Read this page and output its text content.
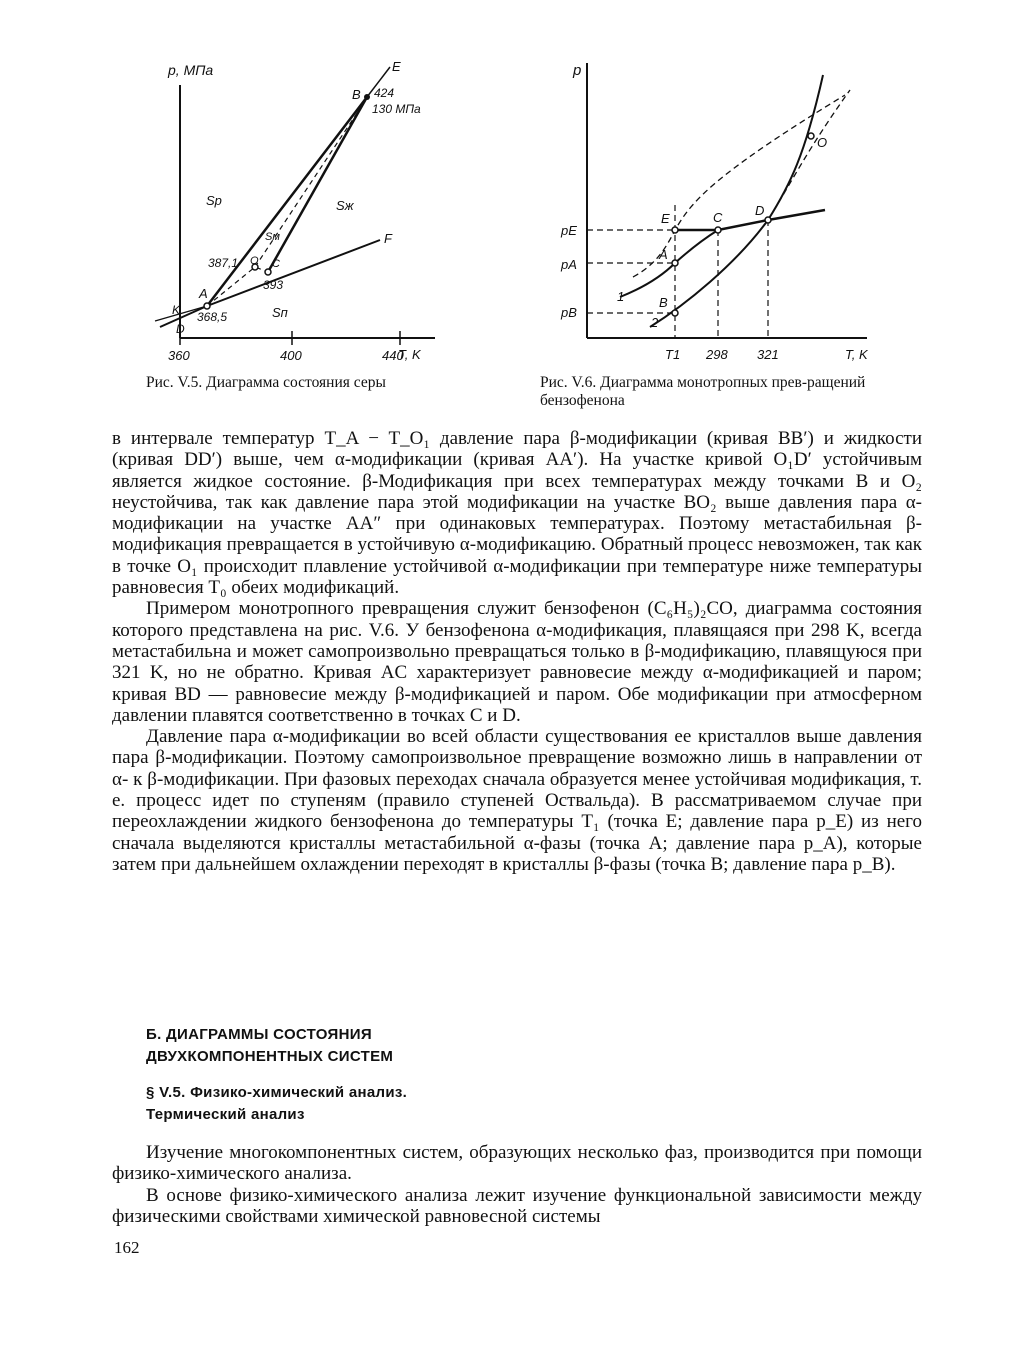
p, МПа
T, K
360	400	440
E
B 424
130 МПа
A
368,5
387,1 O C
393
F
K
D
Sp	Sж
Sм
Sп
Рис. V.5. Диаграмма состояния серы
p
T, K
T1 298 321
pE
pA
pB
E	C	D
A
B
O
1
2
Рис. V.6. Диаграмма монотропных прев-ращений бензофенона

в интервале температур T_A − T_O₁ давление пара β-модификации (кривая BB′) и жидкости (кривая DD′) выше, чем α-модификации (кривая AA′). На участке кривой O₁D′ устойчивым является жидкое состояние. β-Модификация при всех температурах между точками B и O₂ неустойчива, так как давление пара этой модификации на участке BO₂ выше давления пара α-модификации на участке AA″ при одинаковых температурах. Поэтому метастабильная β-модификация превращается в устойчивую α-модификацию. Обратный процесс невозможен, так как в точке O₁ происходит плавление устойчивой α-модификации при температуре ниже температуры равновесия T₀ обеих модификаций.

Примером монотропного превращения служит бензофенон (C₆H₅)₂CO, диаграмма состояния которого представлена на рис. V.6. У бензофенона α-модификация, плавящаяся при 298 K, всегда метастабильна и может самопроизвольно превращаться только в β-модификацию, плавящуюся при 321 K, но не обратно. Кривая AC характеризует равновесие между α-модификацией и паром; кривая BD — равновесие между β-модификацией и паром. Обе модификации при атмосферном давлении плавятся соответственно в точках C и D.

Давление пара α-модификации во всей области существования ее кристаллов выше давления пара β-модификации. Поэтому самопроизвольное превращение возможно лишь в направлении от α- к β-модификации. При фазовых переходах сначала образуется менее устойчивая модификация, т. е. процесс идет по ступеням (правило ступеней Оствальда). В рассматриваемом случае при переохлаждении жидкого бензофенона до температуры T₁ (точка E; давление пара p_E) из него сначала выделяются кристаллы метастабильной α-фазы (точка A; давление пара p_A), которые затем при дальнейшем охлаждении переходят в кристаллы β-фазы (точка B; давление пара p_B).

Б. ДИАГРАММЫ СОСТОЯНИЯ
ДВУХКОМПОНЕНТНЫХ СИСТЕМ
§ V.5. Физико-химический анализ.
Термический анализ

Изучение многокомпонентных систем, образующих несколько фаз, производится при помощи физико-химического анализа.

В основе физико-химического анализа лежит изучение функциональной зависимости между физическими свойствами химической равновесной системы

162
